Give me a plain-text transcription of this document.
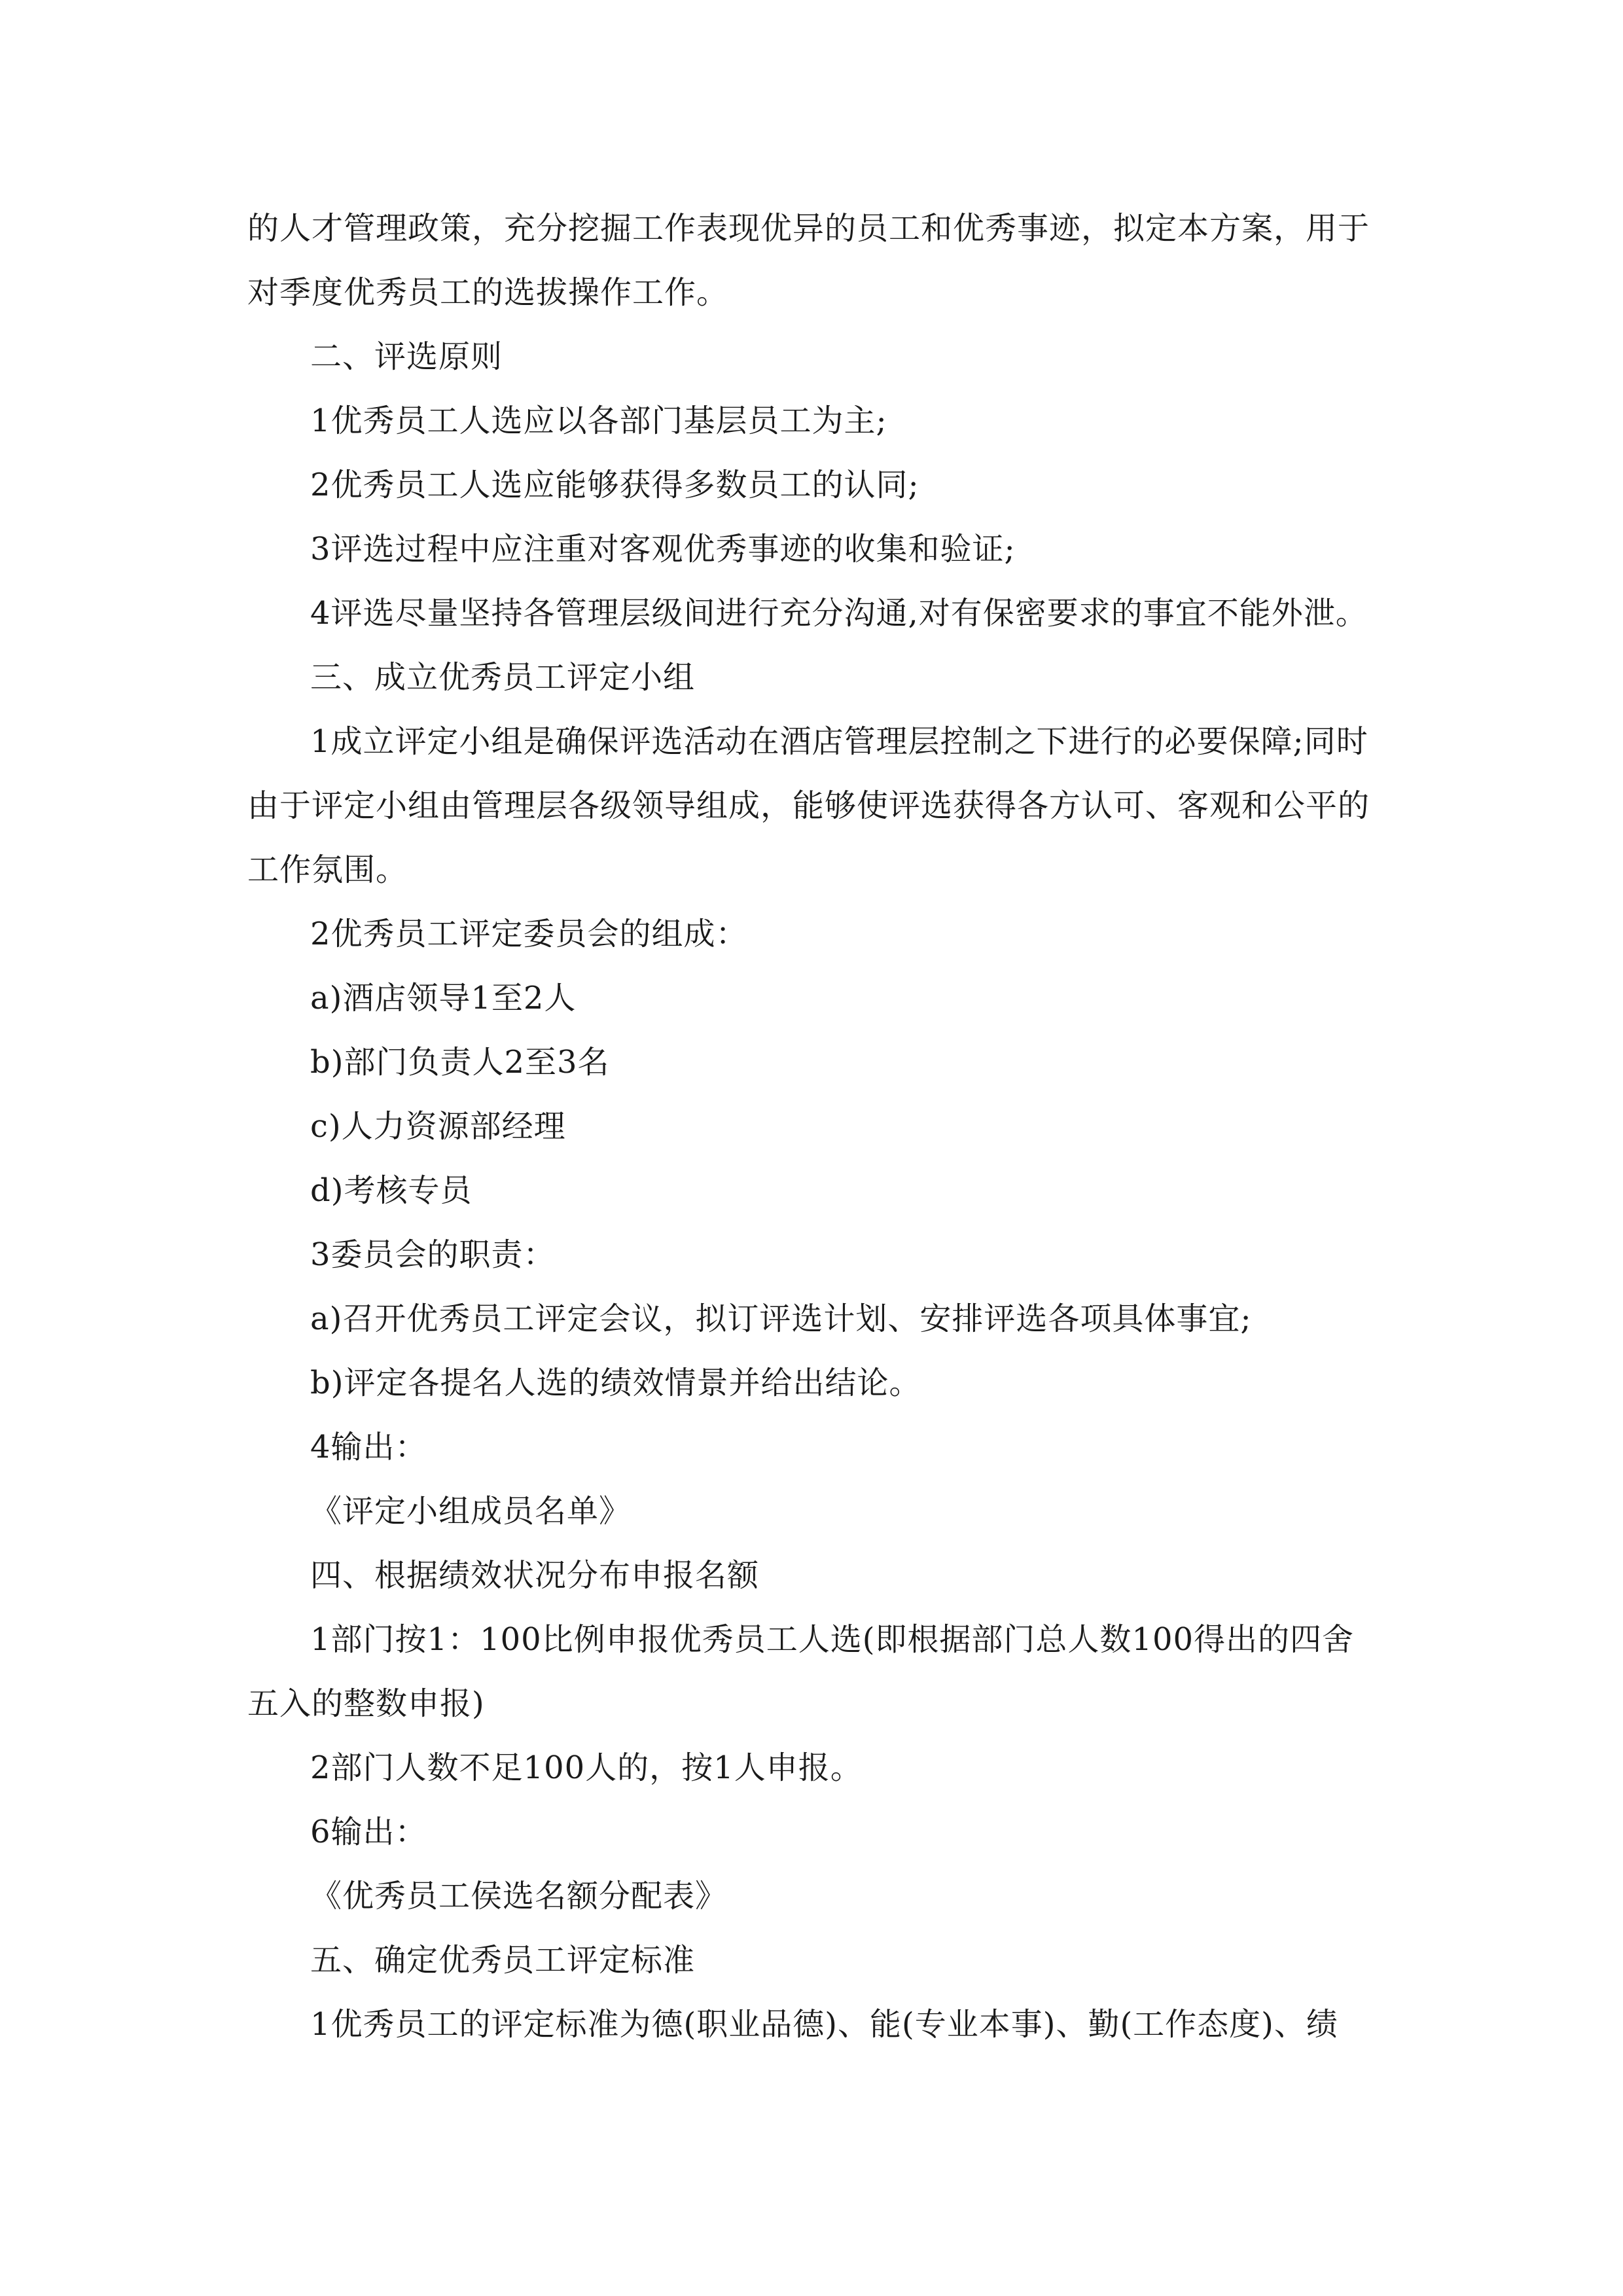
的人才管理政策，充分挖掘工作表现优异的员工和优秀事迹，拟定本方案，用于对季度优秀员工的选拔操作工作。

二、评选原则

1优秀员工人选应以各部门基层员工为主;

2优秀员工人选应能够获得多数员工的认同;

3评选过程中应注重对客观优秀事迹的收集和验证;

4评选尽量坚持各管理层级间进行充分沟通,对有保密要求的事宜不能外泄。

三、成立优秀员工评定小组

1成立评定小组是确保评选活动在酒店管理层控制之下进行的必要保障;同时由于评定小组由管理层各级领导组成，能够使评选获得各方认可、客观和公平的工作氛围。

2优秀员工评定委员会的组成：

a)酒店领导1至2人

b)部门负责人2至3名

c)人力资源部经理

d)考核专员

3委员会的职责：

a)召开优秀员工评定会议，拟订评选计划、安排评选各项具体事宜;

b)评定各提名人选的绩效情景并给出结论。

4输出：

《评定小组成员名单》

四、根据绩效状况分布申报名额

1部门按1：100比例申报优秀员工人选(即根据部门总人数100得出的四舍五入的整数申报)

2部门人数不足100人的，按1人申报。

6输出：

《优秀员工侯选名额分配表》

五、确定优秀员工评定标准

1优秀员工的评定标准为德(职业品德)、能(专业本事)、勤(工作态度)、绩
